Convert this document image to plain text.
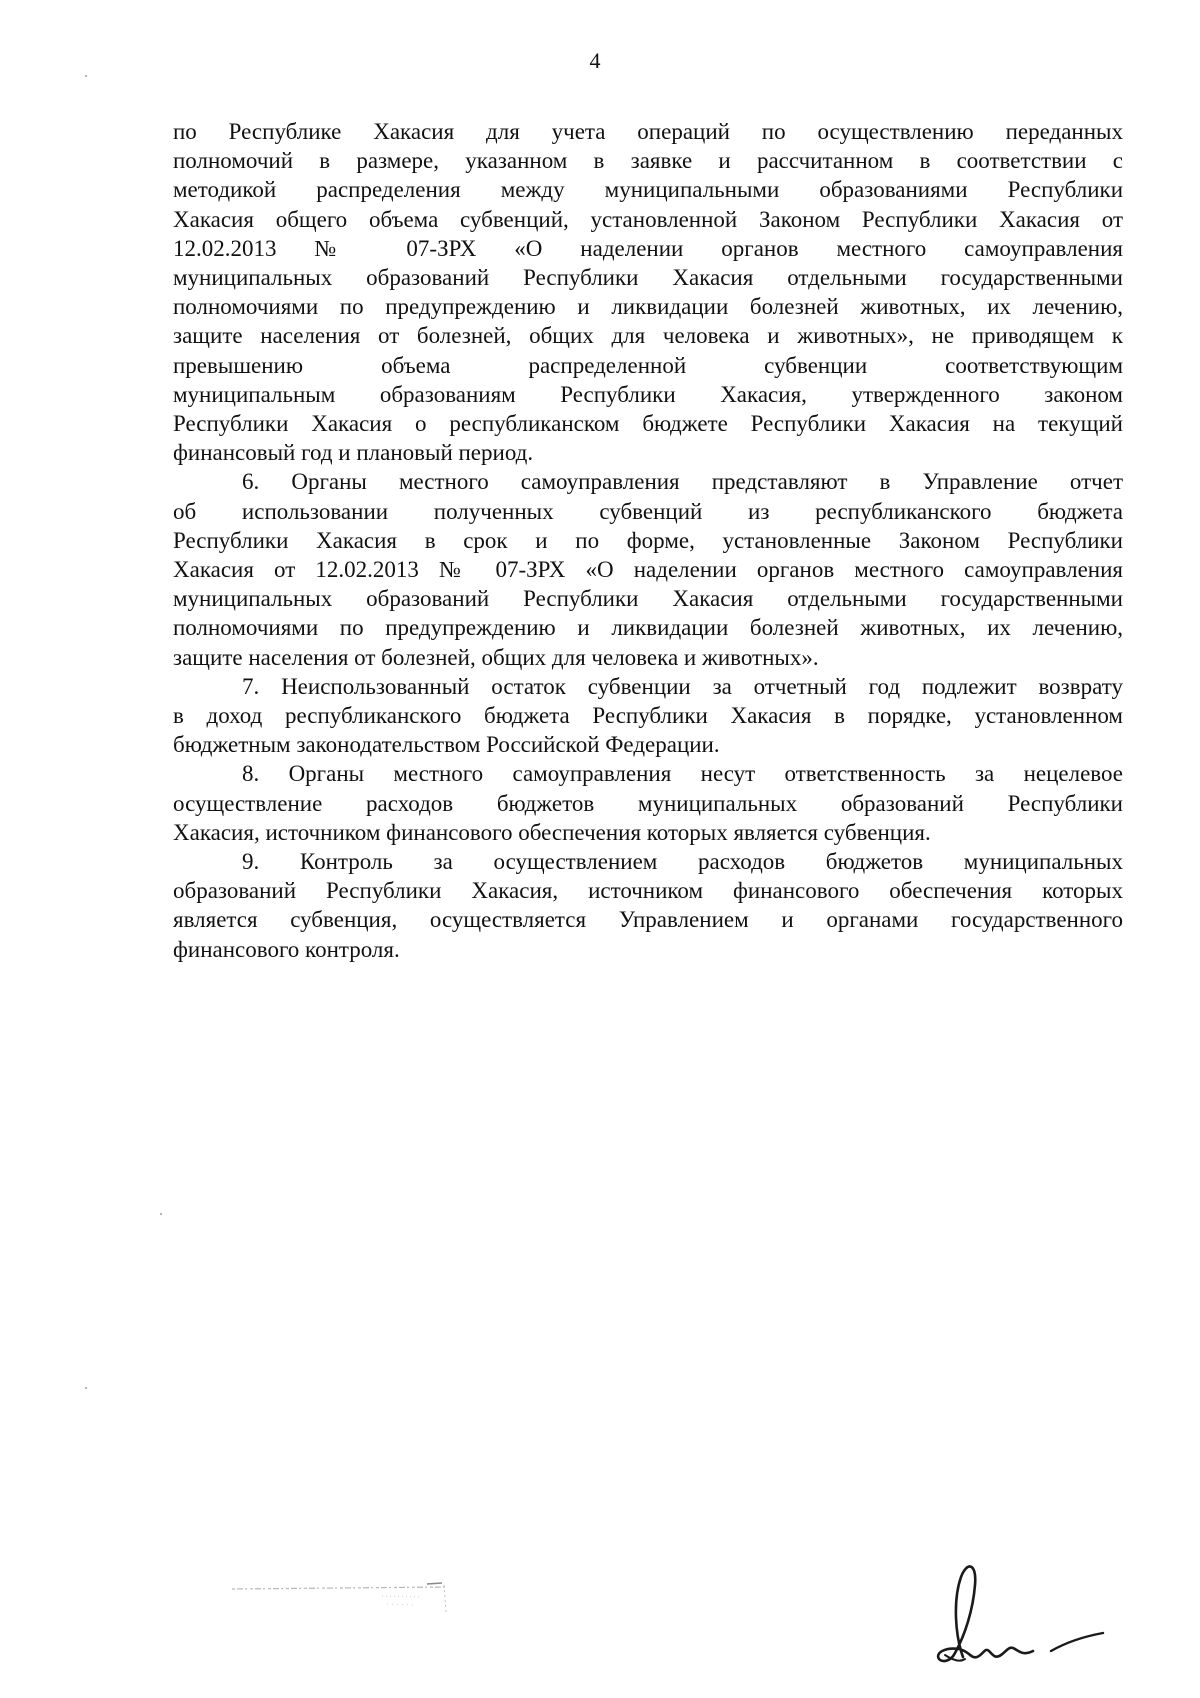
4
по Республике Хакасия для учета операций по осуществлению переданных
полномочий в размере, указанном в заявке и рассчитанном в соответствии с
методикой распределения между муниципальными образованиями Республики
Хакасия общего объема субвенций, установленной Законом Республики Хакасия от
12.02.2013 № 07-ЗРХ «О наделении органов местного самоуправления
муниципальных образований Республики Хакасия отдельными государственными
полномочиями по предупреждению и ликвидации болезней животных, их лечению,
защите населения от болезней, общих для человека и животных», не приводящем к
превышению объема распределенной субвенции соответствующим
муниципальным образованиям Республики Хакасия, утвержденного законом
Республики Хакасия о республиканском бюджете Республики Хакасия на текущий
финансовый год и плановый период.
6. Органы местного самоуправления представляют в Управление отчет
об использовании полученных субвенций из республиканского бюджета
Республики Хакасия в срок и по форме, установленные Законом Республики
Хакасия от 12.02.2013 № 07-ЗРХ «О наделении органов местного самоуправления
муниципальных образований Республики Хакасия отдельными государственными
полномочиями по предупреждению и ликвидации болезней животных, их лечению,
защите населения от болезней, общих для человека и животных».
7. Неиспользованный остаток субвенции за отчетный год подлежит возврату
в доход республиканского бюджета Республики Хакасия в порядке, установленном
бюджетным законодательством Российской Федерации.
8. Органы местного самоуправления несут ответственность за нецелевое
осуществление расходов бюджетов муниципальных образований Республики
Хакасия, источником финансового обеспечения которых является субвенция.
9. Контроль за осуществлением расходов бюджетов муниципальных
образований Республики Хакасия, источником финансового обеспечения которых
является субвенция, осуществляется Управлением и органами государственного
финансового контроля.
